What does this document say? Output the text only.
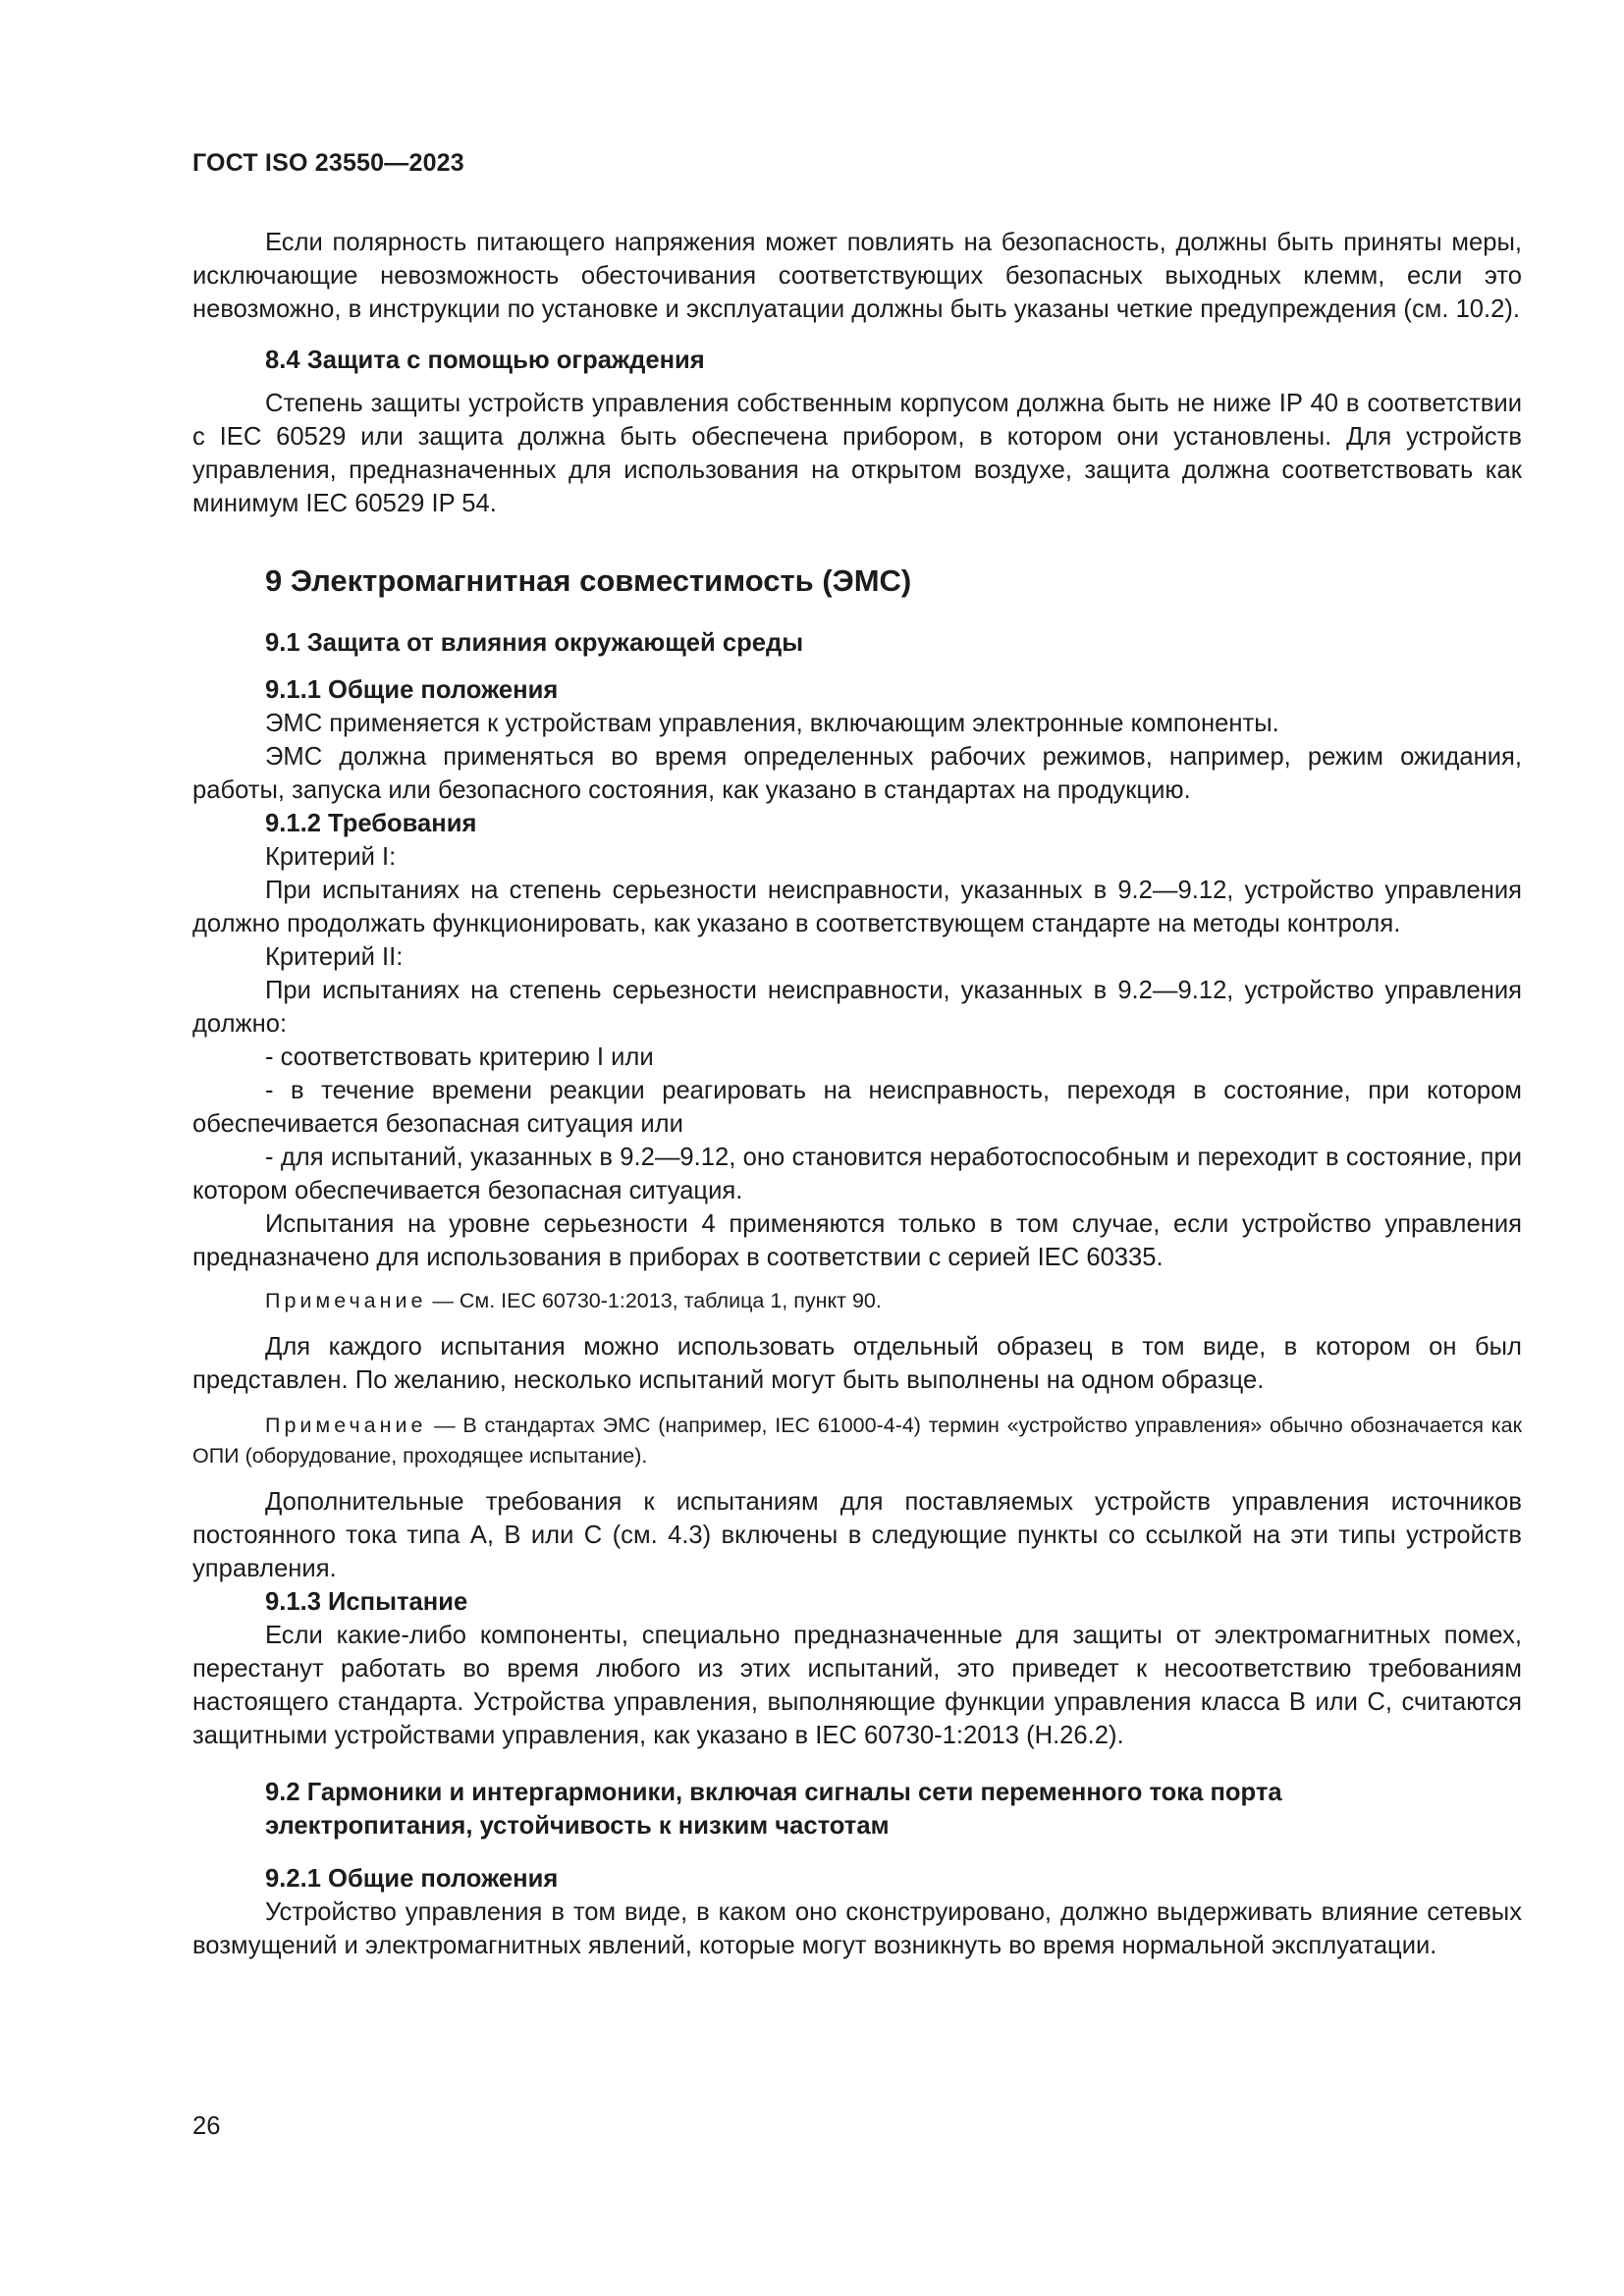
ГОСТ ISO 23550—2023

Если полярность питающего напряжения может повлиять на безопасность, должны быть приняты меры, исключающие невозможность обесточивания соответствующих безопасных выходных клемм, если это невозможно, в инструкции по установке и эксплуатации должны быть указаны четкие предупреждения (см. 10.2).

8.4 Защита с помощью ограждения

Степень защиты устройств управления собственным корпусом должна быть не ниже IP 40 в соответствии с IEC 60529 или защита должна быть обеспечена прибором, в котором они установлены. Для устройств управления, предназначенных для использования на открытом воздухе, защита должна соответствовать как минимум IEC 60529 IP 54.

9 Электромагнитная совместимость (ЭМС)
9.1 Защита от влияния окружающей среды
9.1.1 Общие положения

ЭМС применяется к устройствам управления, включающим электронные компоненты.

ЭМС должна применяться во время определенных рабочих режимов, например, режим ожидания, работы, запуска или безопасного состояния, как указано в стандартах на продукцию.

9.1.2 Требования

Критерий I:

При испытаниях на степень серьезности неисправности, указанных в 9.2—9.12, устройство управления должно продолжать функционировать, как указано в соответствующем стандарте на методы контроля.

Критерий II:

При испытаниях на степень серьезности неисправности, указанных в 9.2—9.12, устройство управления должно:

- соответствовать критерию I или

- в течение времени реакции реагировать на неисправность, переходя в состояние, при котором обеспечивается безопасная ситуация или

- для испытаний, указанных в 9.2—9.12, оно становится неработоспособным и переходит в состояние, при котором обеспечивается безопасная ситуация.

Испытания на уровне серьезности 4 применяются только в том случае, если устройство управления предназначено для использования в приборах в соответствии с серией IEC 60335.

Примечание — См. IEC 60730-1:2013, таблица 1, пункт 90.

Для каждого испытания можно использовать отдельный образец в том виде, в котором он был представлен. По желанию, несколько испытаний могут быть выполнены на одном образце.

Примечание — В стандартах ЭМС (например, IEC 61000-4-4) термин «устройство управления» обычно обозначается как ОПИ (оборудование, проходящее испытание).

Дополнительные требования к испытаниям для поставляемых устройств управления источников постоянного тока типа А, В или С (см. 4.3) включены в следующие пункты со ссылкой на эти типы устройств управления.

9.1.3 Испытание

Если какие-либо компоненты, специально предназначенные для защиты от электромагнитных помех, перестанут работать во время любого из этих испытаний, это приведет к несоответствию требованиям настоящего стандарта. Устройства управления, выполняющие функции управления класса В или С, считаются защитными устройствами управления, как указано в IEC 60730-1:2013 (Н.26.2).

9.2 Гармоники и интергармоники, включая сигналы сети переменного тока порта
электропитания, устойчивость к низким частотам
9.2.1 Общие положения

Устройство управления в том виде, в каком оно сконструировано, должно выдерживать влияние сетевых возмущений и электромагнитных явлений, которые могут возникнуть во время нормальной эксплуатации.

26
